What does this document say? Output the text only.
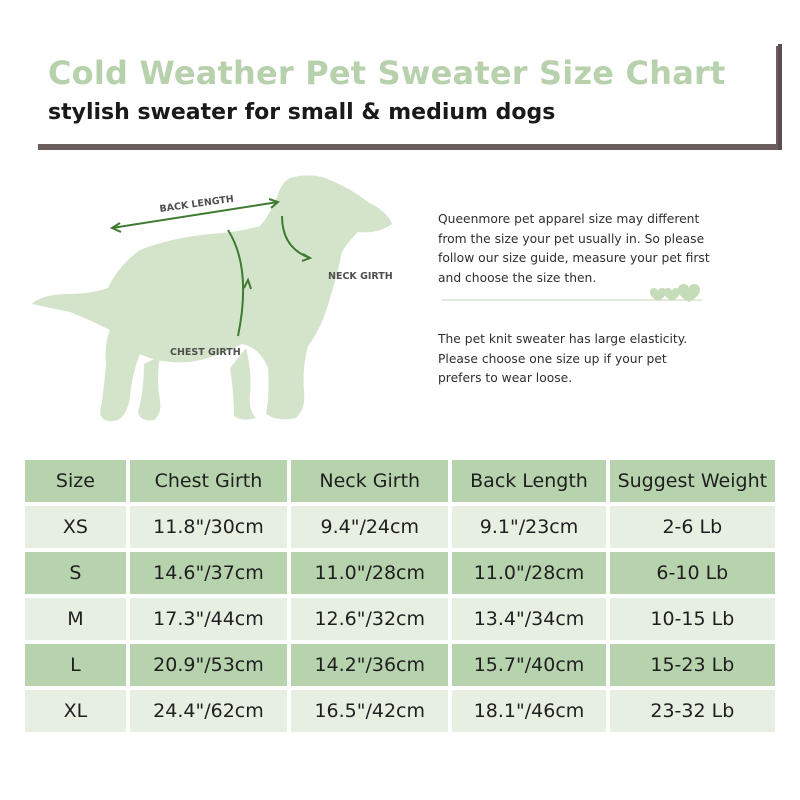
Cold Weather Pet Sweater Size Chart
stylish sweater for small & medium dogs
BACK LENGTH
NECK GIRTH
CHEST GIRTH

Queenmore pet apparel size may different

from the size your pet usually in. So please

follow our size guide, measure your pet first

and choose the size then.

The pet knit sweater has large elasticity.

Please choose one size up if your pet

prefers to wear loose.

Size	Chest Girth	Neck Girth	Back Length	Suggest Weight
XS	11.8"/30cm	9.4"/24cm	9.1"/23cm	2-6 Lb
S	14.6"/37cm	11.0"/28cm	11.0"/28cm	6-10 Lb
M	17.3"/44cm	12.6"/32cm	13.4"/34cm	10-15 Lb
L	20.9"/53cm	14.2"/36cm	15.7"/40cm	15-23 Lb
XL	24.4"/62cm	16.5"/42cm	18.1"/46cm	23-32 Lb
